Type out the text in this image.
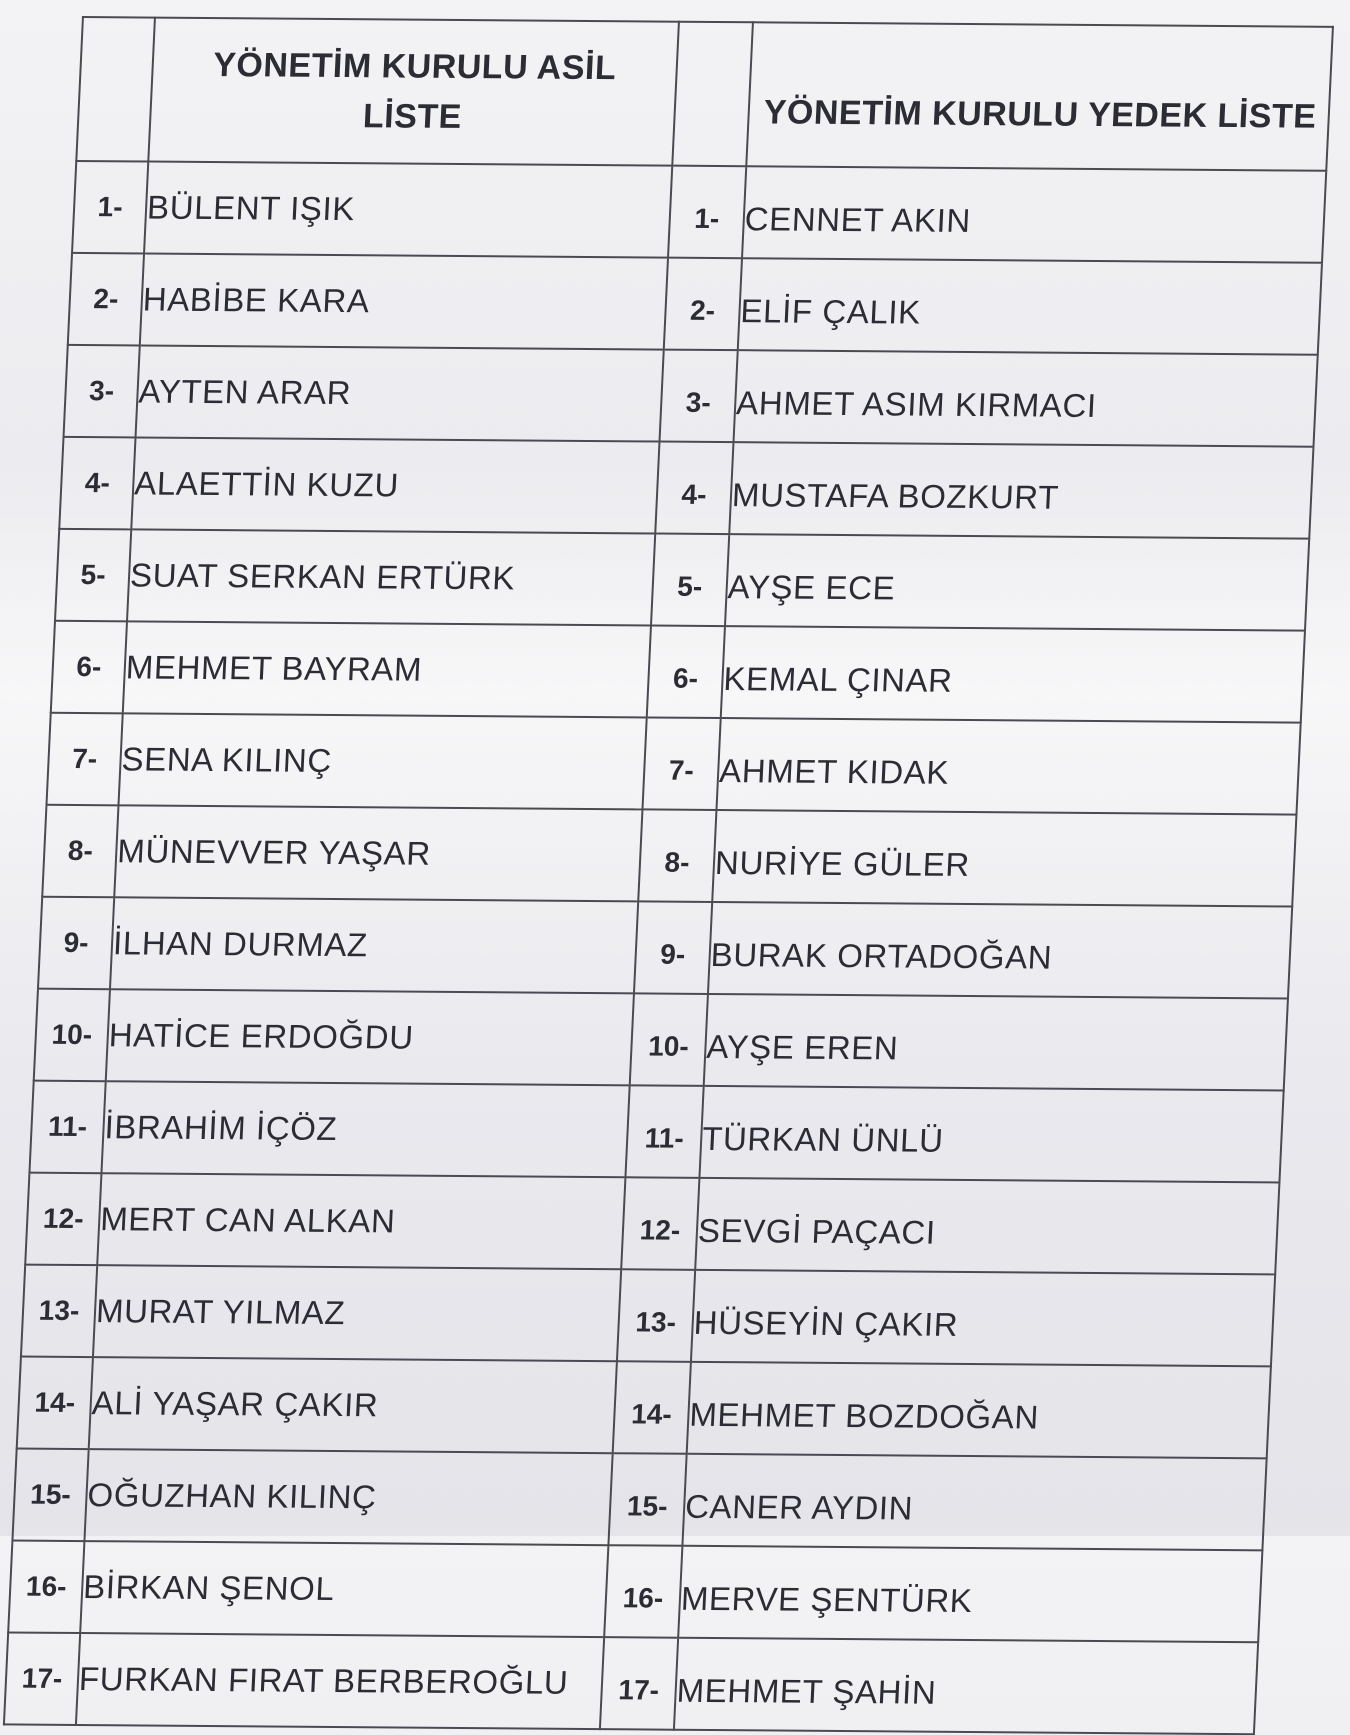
	YÖNETİM KURULU ASİL
LİSTE		YÖNETİM KURULU YEDEK LİSTE
1-	BÜLENT IŞIK	1-	CENNET AKIN
2-	HABİBE KARA	2-	ELİF ÇALIK
3-	AYTEN ARAR	3-	AHMET ASIM KIRMACI
4-	ALAETTİN KUZU	4-	MUSTAFA BOZKURT
5-	SUAT SERKAN ERTÜRK	5-	AYŞE ECE
6-	MEHMET BAYRAM	6-	KEMAL ÇINAR
7-	SENA KILINÇ	7-	AHMET KIDAK
8-	MÜNEVVER YAŞAR	8-	NURİYE GÜLER
9-	İLHAN DURMAZ	9-	BURAK ORTADOĞAN
10-	HATİCE ERDOĞDU	10-	AYŞE EREN
11-	İBRAHİM İÇÖZ	11-	TÜRKAN ÜNLÜ
12-	MERT CAN ALKAN	12-	SEVGİ PAÇACI
13-	MURAT YILMAZ	13-	HÜSEYİN ÇAKIR
14-	ALİ YAŞAR ÇAKIR	14-	MEHMET BOZDOĞAN
15-	OĞUZHAN KILINÇ	15-	CANER AYDIN
16-	BİRKAN ŞENOL	16-	MERVE ŞENTÜRK
17-	FURKAN FIRAT BERBEROĞLU	17-	MEHMET ŞAHİN
